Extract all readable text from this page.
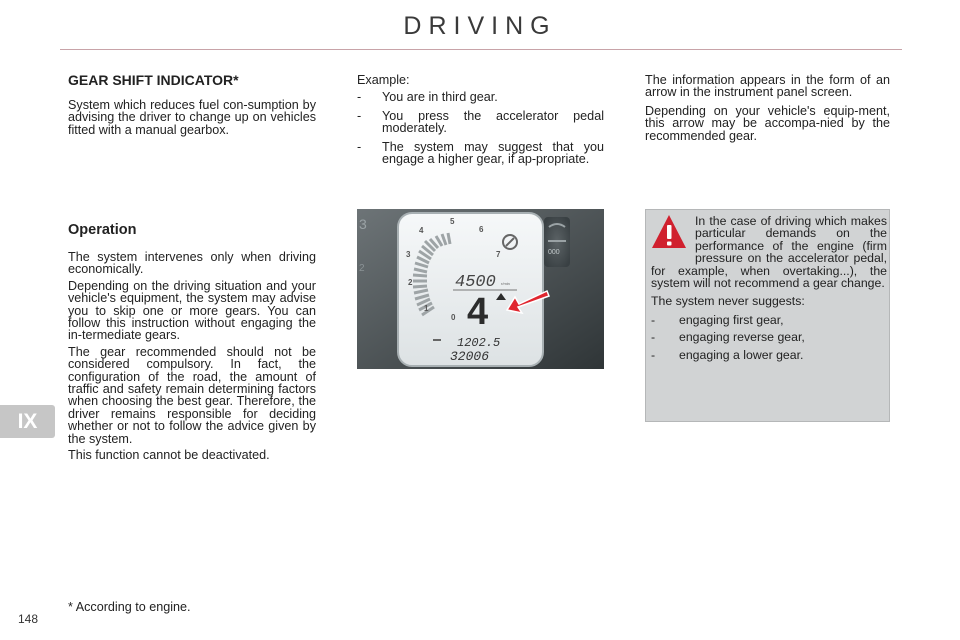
DRIVING
IX
148
GEAR SHIFT INDICATOR*

System which reduces fuel con-sumption by advising the driver to change up on vehicles fitted with a manual gearbox.

Operation

The system intervenes only when driving economically.

Depending on the driving situation and your vehicle's equipment, the system may advise you to skip one or more gears. You can follow this instruction without engaging the in-termediate gears.

The gear recommended should not be considered compulsory. In fact, the configuration of the road, the amount of traffic and safety remain determining factors when choosing the best gear. Therefore, the driver remains responsible for deciding whether or not to follow the advice given by the system.

This function cannot be deactivated.

Example:

- You are in third gear.
- You press the accelerator pedal moderately.
- The system may suggest that you engage a higher gear, if ap-propriate.
3
2
0
1
2
3
4
5
6
7
4500 r/min
4
1202.5
32006
000

The information appears in the form of an arrow in the instrument panel screen.

Depending on your vehicle's equip-ment, this arrow may be accompa-nied by the recommended gear.

In the case of driving which makes particular demands on the performance of the engine (firm pressure on the accelerator pedal, for example, when overtaking...), the system will not recommend a gear change.

The system never suggests:

- engaging first gear,
- engaging reverse gear,
- engaging a lower gear.
* According to engine.
